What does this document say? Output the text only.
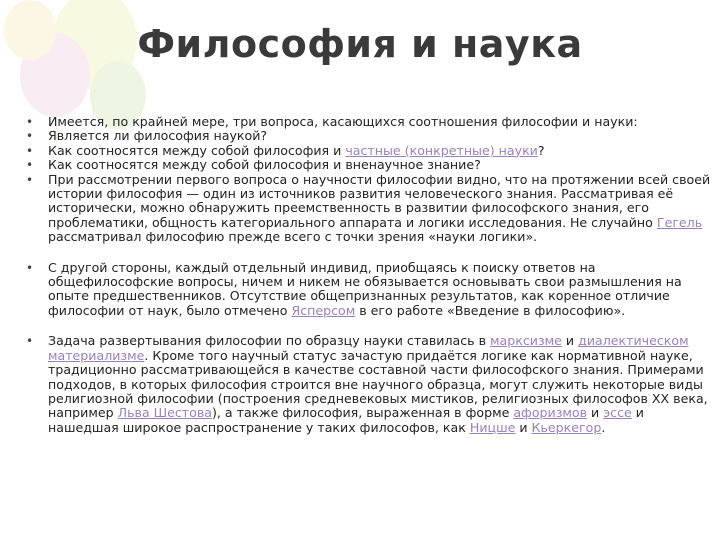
Философия и наука
• Имеется, по крайней мере, три вопроса, касающихся соотношения философии и науки:
• Является ли философия наукой?
• Как соотносятся между собой философия и частные (конкретные) науки?
• Как соотносятся между собой философия и вненаучное знание?
• При рассмотрении первого вопроса о научности философии видно, что на протяжении всей своей истории философия — один из источников развития человеческого знания. Рассматривая её исторически, можно обнаружить преемственность в развитии философского знания, его проблематики, общность категориального аппарата и логики исследования. Не случайно Гегель рассматривал философию прежде всего с точки зрения «науки логики».
• С другой стороны, каждый отдельный индивид, приобщаясь к поиску ответов на общефилософские вопросы, ничем и никем не обязывается основывать свои размышления на опыте предшественников. Отсутствие общепризнанных результатов, как коренное отличие философии от наук, было отмечено Ясперсом в его работе «Введение в философию».
• Задача развертывания философии по образцу науки ставилась в марксизме и диалектическом материализме. Кроме того научный статус зачастую придаётся логике как нормативной науке, традиционно рассматривающейся в качестве составной части философского знания. Примерами подходов, в которых философия строится вне научного образца, могут служить некоторые виды религиозной философии (построения средневековых мистиков, религиозных философов XX века, например Льва Шестова), а также философия, выраженная в форме афоризмов и эссе и нашедшая широкое распространение у таких философов, как Ницше и Кьеркегор.
